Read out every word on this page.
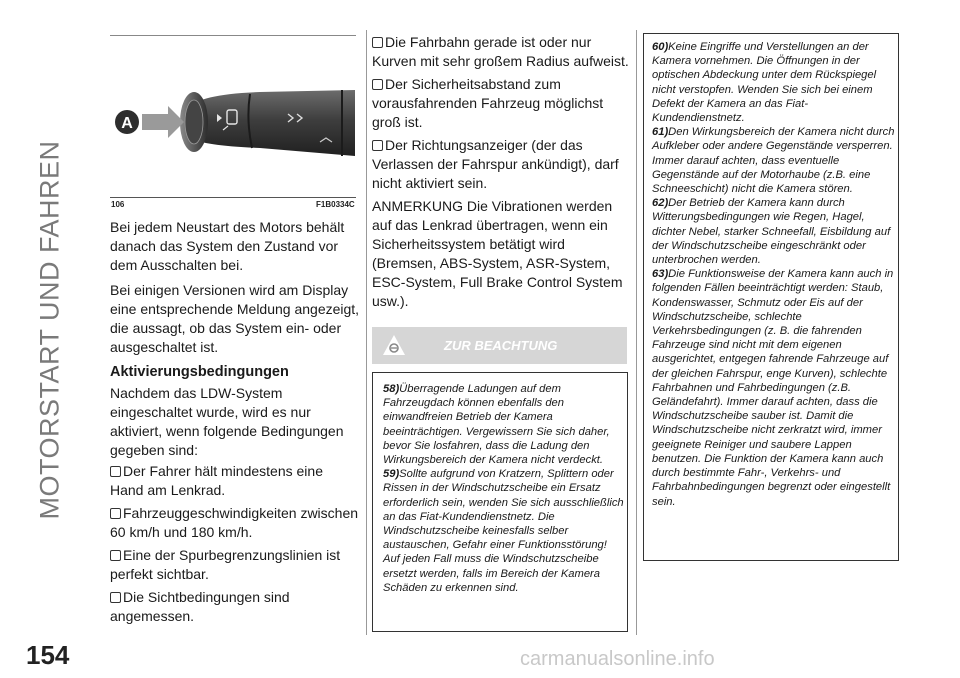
MOTORSTART UND FAHREN
A
106	F1B0334C

Bei jedem Neustart des Motors behält danach das System den Zustand vor dem Ausschalten bei.

Bei einigen Versionen wird am Display eine entsprechende Meldung angezeigt, die aussagt, ob das System ein- oder ausgeschaltet ist.

Aktivierungsbedingungen

Nachdem das LDW-System eingeschaltet wurde, wird es nur aktiviert, wenn folgende Bedingungen gegeben sind:

Der Fahrer hält mindestens eine Hand am Lenkrad.
Fahrzeuggeschwindigkeiten zwischen 60 km/h und 180 km/h.
Eine der Spurbegrenzungslinien ist perfekt sichtbar.
Die Sichtbedingungen sind angemessen.
Die Fahrbahn gerade ist oder nur Kurven mit sehr großem Radius aufweist.
Der Sicherheitsabstand zum vorausfahrenden Fahrzeug möglichst groß ist.
Der Richtungsanzeiger (der das Verlassen der Fahrspur ankündigt), darf nicht aktiviert sein.

ANMERKUNG Die Vibrationen werden auf das Lenkrad übertragen, wenn ein Sicherheitssystem betätigt wird (Bremsen, ABS-System, ASR-System, ESC-System, Full Brake Control System usw.).

ZUR BEACHTUNG

58)Überragende Ladungen auf dem Fahrzeugdach können ebenfalls den einwandfreien Betrieb der Kamera beeinträchtigen. Vergewissern Sie sich daher, bevor Sie losfahren, dass die Ladung den Wirkungsbereich der Kamera nicht verdeckt.

59)Sollte aufgrund von Kratzern, Splittern oder Rissen in der Windschutzscheibe ein Ersatz erforderlich sein, wenden Sie sich ausschließlich an das Fiat-Kundendienstnetz. Die Windschutzscheibe keinesfalls selber austauschen, Gefahr einer Funktionsstörung! Auf jeden Fall muss die Windschutzscheibe ersetzt werden, falls im Bereich der Kamera Schäden zu erkennen sind.

60)Keine Eingriffe und Verstellungen an der Kamera vornehmen. Die Öffnungen in der optischen Abdeckung unter dem Rückspiegel nicht verstopfen. Wenden Sie sich bei einem Defekt der Kamera an das Fiat-Kundendienstnetz.

61)Den Wirkungsbereich der Kamera nicht durch Aufkleber oder andere Gegenstände versperren. Immer darauf achten, dass eventuelle Gegenstände auf der Motorhaube (z.B. eine Schneeschicht) nicht die Kamera stören.

62)Der Betrieb der Kamera kann durch Witterungsbedingungen wie Regen, Hagel, dichter Nebel, starker Schneefall, Eisbildung auf der Windschutzscheibe eingeschränkt oder unterbrochen werden.

63)Die Funktionsweise der Kamera kann auch in folgenden Fällen beeinträchtigt werden: Staub, Kondenswasser, Schmutz oder Eis auf der Windschutzscheibe, schlechte Verkehrsbedingungen (z. B. die fahrenden Fahrzeuge sind nicht mit dem eigenen ausgerichtet, entgegen fahrende Fahrzeuge auf der gleichen Fahrspur, enge Kurven), schlechte Fahrbahnen und Fahrbedingungen (z.B. Geländefahrt). Immer darauf achten, dass die Windschutzscheibe sauber ist. Damit die Windschutzscheibe nicht zerkratzt wird, immer geeignete Reiniger und saubere Lappen benutzen. Die Funktion der Kamera kann auch durch bestimmte Fahr-, Verkehrs- und Fahrbahnbedingungen begrenzt oder eingestellt sein.

154	carmanualsonline.info
